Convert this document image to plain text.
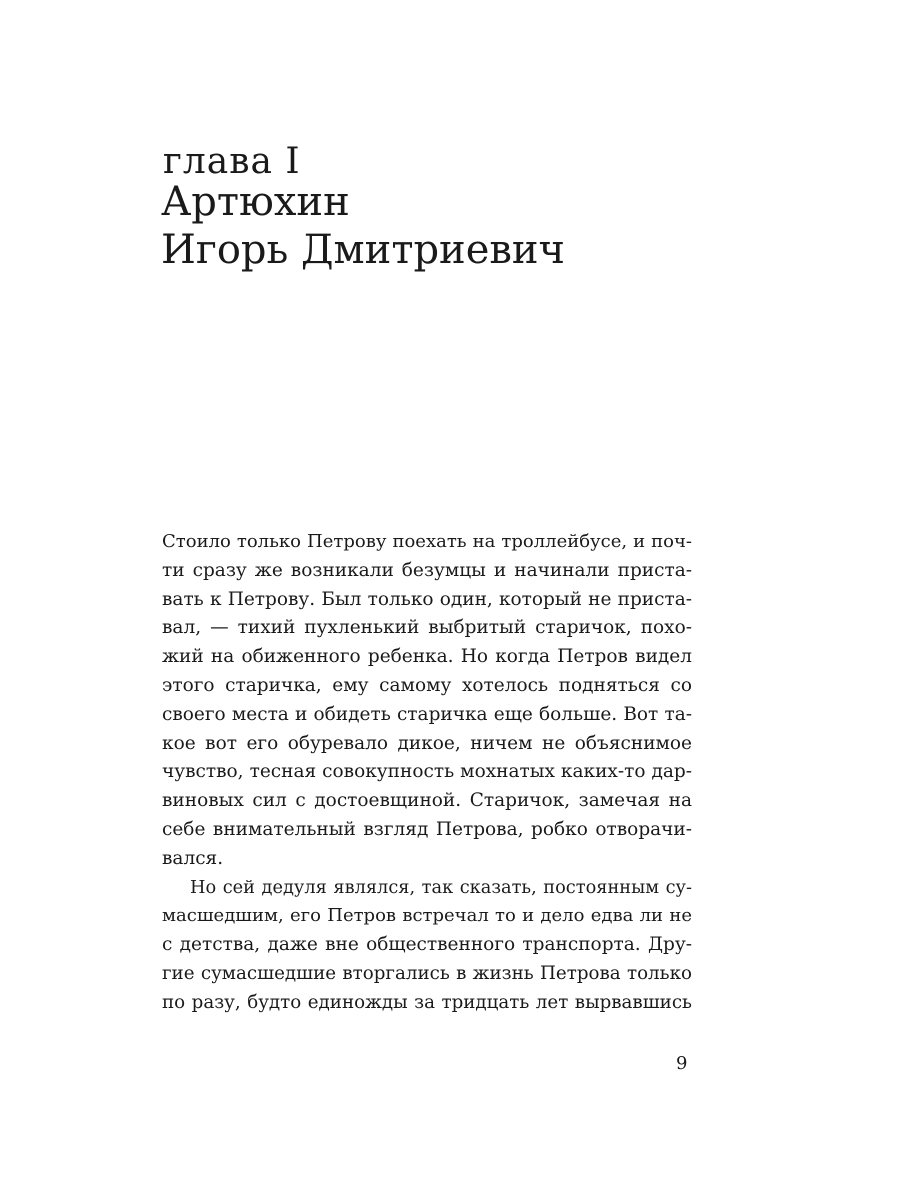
глава I
Артюхин
Игорь Дмитриевич
Стоило только Петрову поехать на троллейбусе, и поч-
ти сразу же возникали безумцы и начинали приста-
вать к Петрову. Был только один, который не приста-
вал, — тихий пухленький выбритый старичок, похо-
жий на обиженного ребенка. Но когда Петров видел
этого старичка, ему самому хотелось подняться со
своего места и обидеть старичка еще больше. Вот та-
кое вот его обуревало дикое, ничем не объяснимое
чувство, тесная совокупность мохнатых каких-то дар-
виновых сил с достоевщиной. Старичок, замечая на
себе внимательный взгляд Петрова, робко отворачи-
вался.
Но сей дедуля являлся, так сказать, постоянным су-
масшедшим, его Петров встречал то и дело едва ли не
с детства, даже вне общественного транспорта. Дру-
гие сумасшедшие вторгались в жизнь Петрова только
по разу, будто единожды за тридцать лет вырвавшись
9
